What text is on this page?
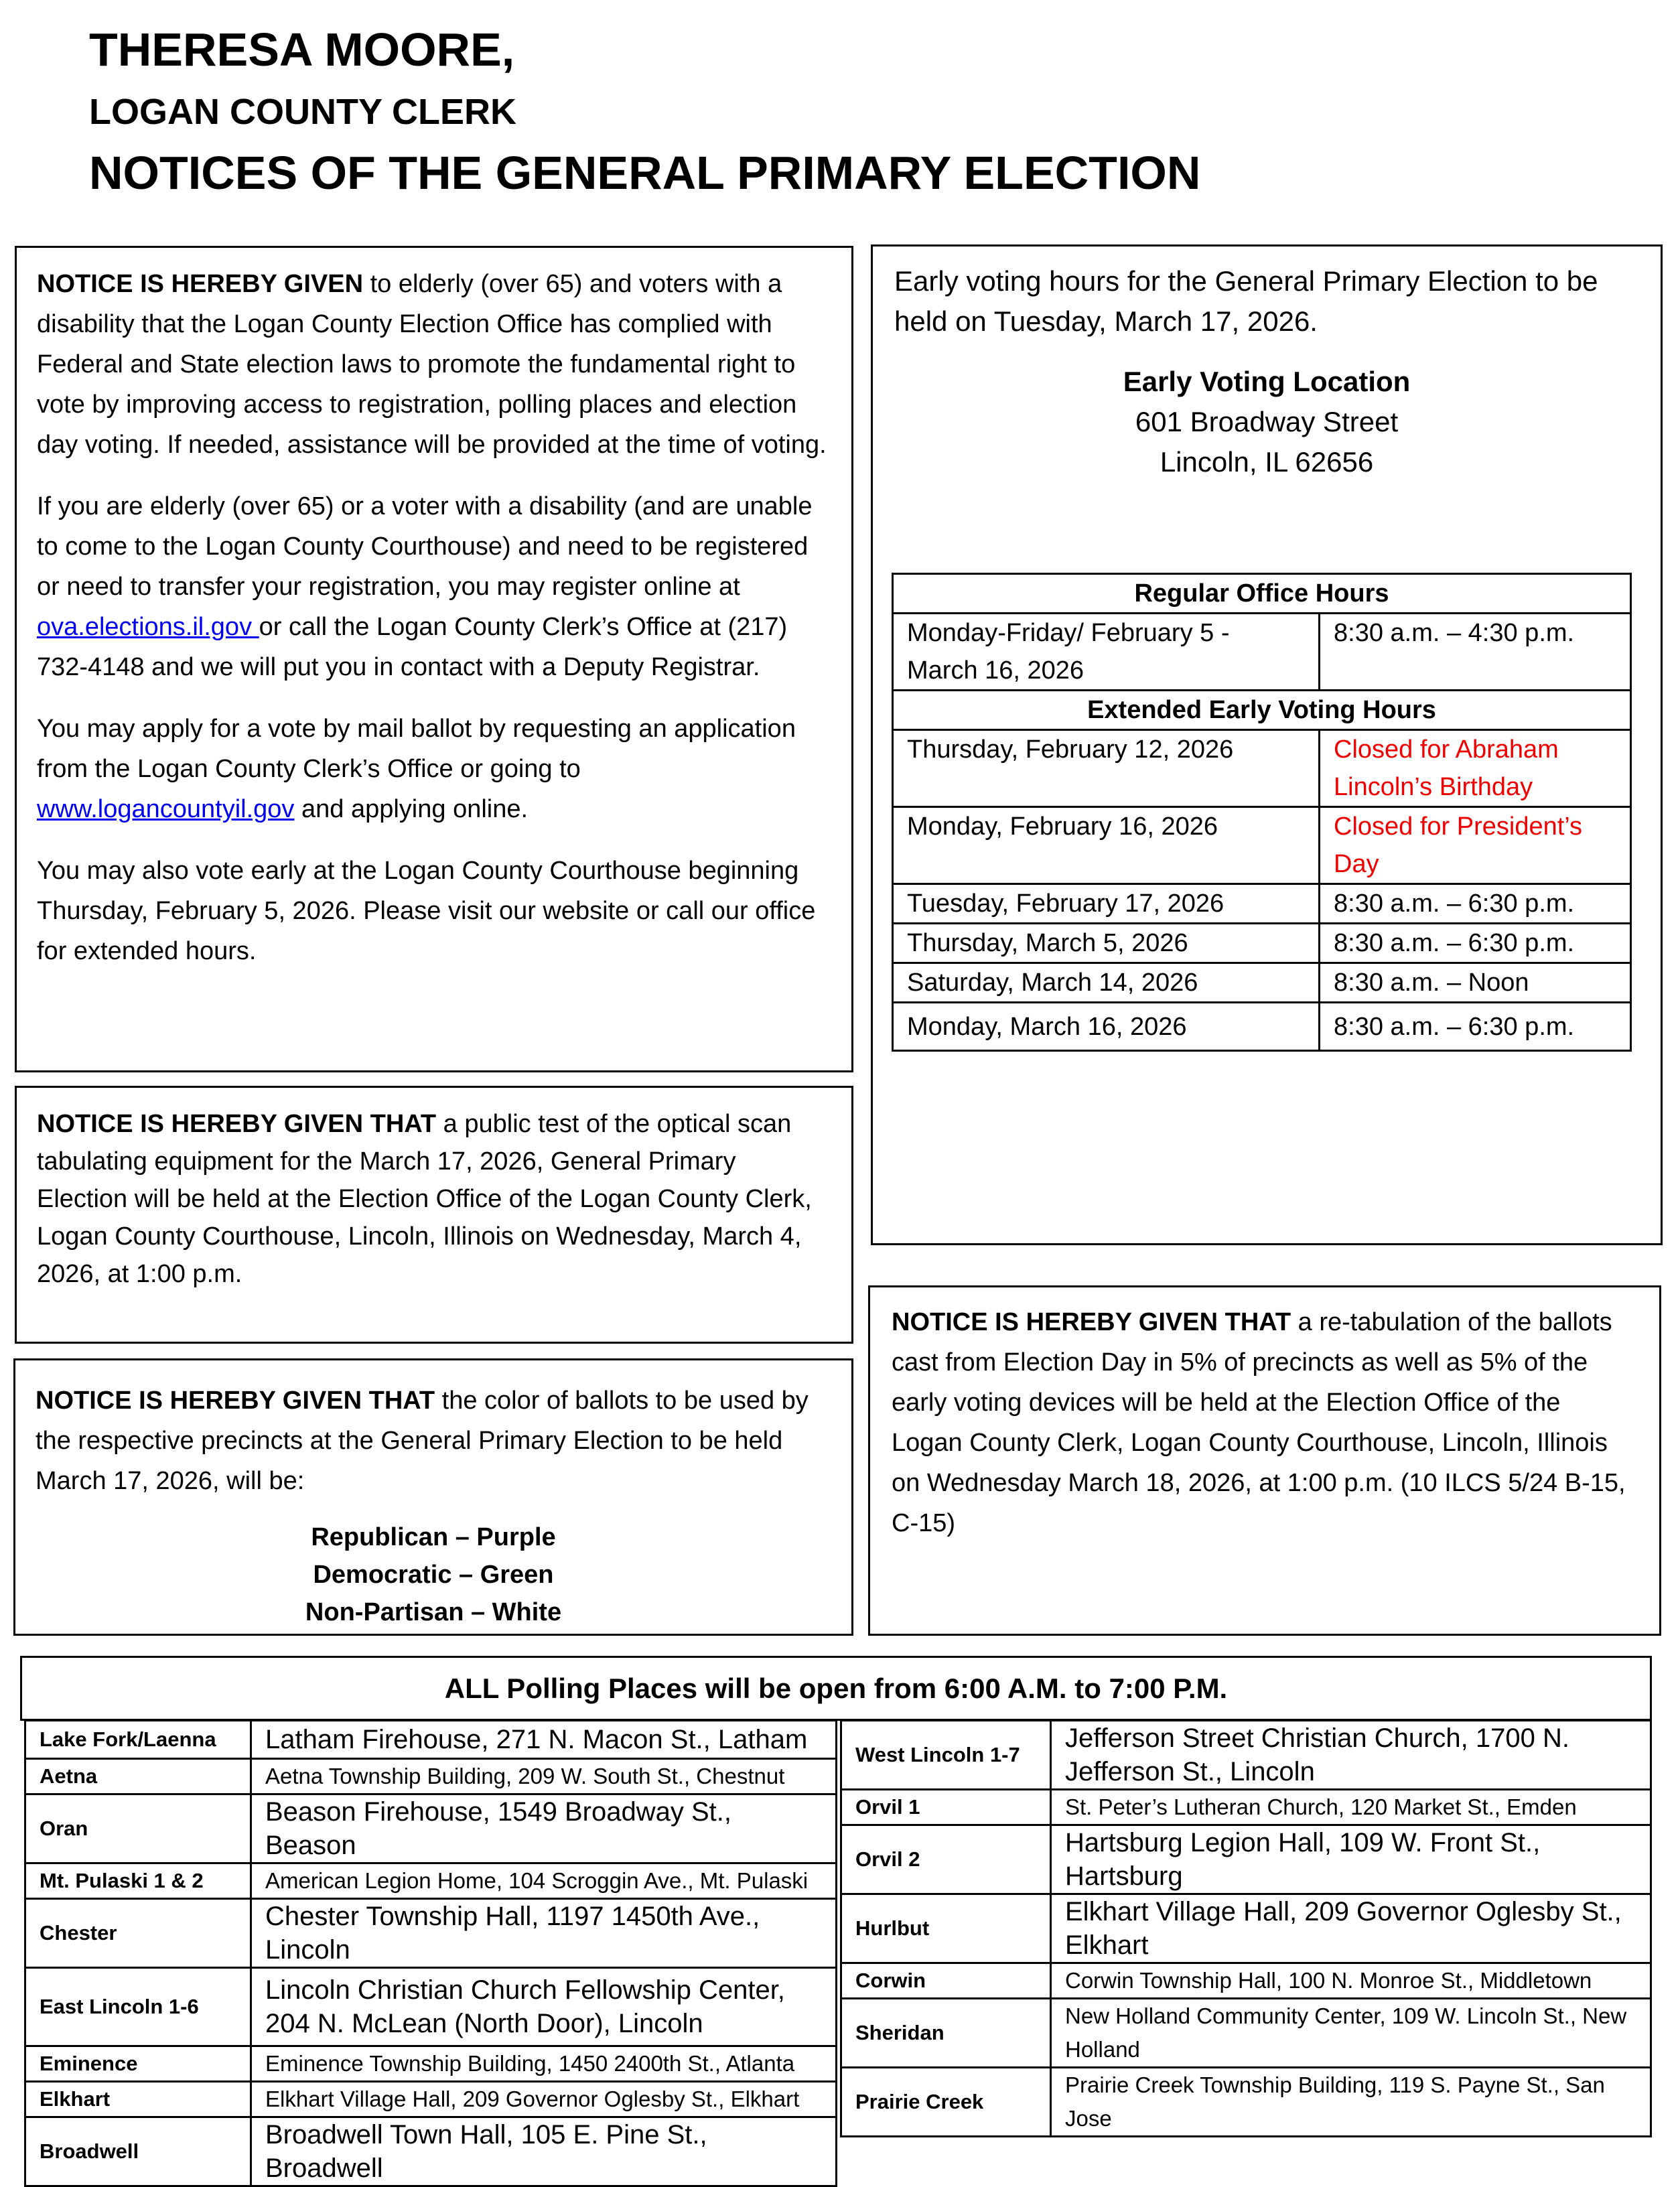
THERESA MOORE,
LOGAN COUNTY CLERK
NOTICES OF THE GENERAL PRIMARY ELECTION

NOTICE IS HEREBY GIVEN to elderly (over 65) and voters with a disability that the Logan County Election Office has complied with Federal and State election laws to promote the fundamental right to vote by improving access to registration, polling places and election day voting. If needed, assistance will be provided at the time of voting.

If you are elderly (over 65) or a voter with a disability (and are unable to come to the Logan County Courthouse) and need to be registered or need to transfer your registration, you may register online at ova.elections.il.gov or call the Logan County Clerk’s Office at (217) 732-4148 and we will put you in contact with a Deputy Registrar.

You may apply for a vote by mail ballot by requesting an application from the Logan County Clerk’s Office or going to www.logancountyil.gov and applying online.

You may also vote early at the Logan County Courthouse beginning Thursday, February 5, 2026. Please visit our website or call our office for extended hours.

NOTICE IS HEREBY GIVEN THAT a public test of the optical scan tabulating equipment for the March 17, 2026, General Primary Election will be held at the Election Office of the Logan County Clerk, Logan County Courthouse, Lincoln, Illinois on Wednesday, March 4, 2026, at 1:00 p.m.
NOTICE IS HEREBY GIVEN THAT the color of ballots to be used by the respective precincts at the General Primary Election to be held March 17, 2026, will be:
Republican – Purple
Democratic – Green
Non-Partisan – White
Early voting hours for the General Primary Election to be held on Tuesday, March 17, 2026.
Early Voting Location
601 Broadway Street
Lincoln, IL 62656
Regular Office Hours	
Monday-Friday/ February 5 - March 16, 2026	8:30 a.m. – 4:30 p.m.
Extended Early Voting Hours	
Thursday, February 12, 2026	Closed for Abraham Lincoln’s Birthday
Monday, February 16, 2026	Closed for President’s Day
Tuesday, February 17, 2026	8:30 a.m. – 6:30 p.m.
Thursday, March 5, 2026	8:30 a.m. – 6:30 p.m.
Saturday, March 14, 2026	8:30 a.m. – Noon
Monday, March 16, 2026	8:30 a.m. – 6:30 p.m.
NOTICE IS HEREBY GIVEN THAT a re-tabulation of the ballots cast from Election Day in 5% of precincts as well as 5% of the early voting devices will be held at the Election Office of the Logan County Clerk, Logan County Courthouse, Lincoln, Illinois on Wednesday March 18, 2026, at 1:00 p.m. (10 ILCS 5/24 B-15, C-15)
ALL Polling Places will be open from 6:00 A.M. to 7:00 P.M.
Lake Fork/Laenna	Latham Firehouse, 271 N. Macon St., Latham
Aetna	Aetna Township Building, 209 W. South St., Chestnut
Oran	Beason Firehouse, 1549 Broadway St., Beason
Mt. Pulaski 1 & 2	American Legion Home, 104 Scroggin Ave., Mt. Pulaski
Chester	Chester Township Hall, 1197 1450th Ave., Lincoln
East Lincoln 1-6	Lincoln Christian Church Fellowship Center, 204 N. McLean (North Door), Lincoln
Eminence	Eminence Township Building, 1450 2400th St., Atlanta
Elkhart	Elkhart Village Hall, 209 Governor Oglesby St., Elkhart
Broadwell	Broadwell Town Hall, 105 E. Pine St., Broadwell
West Lincoln 1-7	Jefferson Street Christian Church, 1700 N. Jefferson St., Lincoln
Orvil 1	St. Peter’s Lutheran Church, 120 Market St., Emden
Orvil 2	Hartsburg Legion Hall, 109 W. Front St., Hartsburg
Hurlbut	Elkhart Village Hall, 209 Governor Oglesby St., Elkhart
Corwin	Corwin Township Hall, 100 N. Monroe St., Middletown
Sheridan	New Holland Community Center, 109 W. Lincoln St., New Holland
Prairie Creek	Prairie Creek Township Building, 119 S. Payne St., San Jose
